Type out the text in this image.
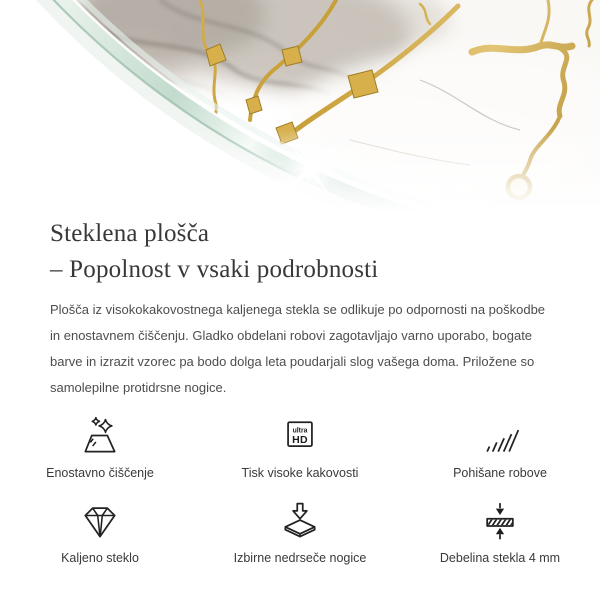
Steklena plošča
– Popolnost v vsaki podrobnosti

Plošča iz visokokakovostnega kaljenega stekla se odlikuje po odpornosti na poškodbe in enostavnem čiščenju. Gladko obdelani robovi zagotavljajo varno uporabo, bogate barve in izrazit vzorec pa bodo dolga leta poudarjali slog vašega doma. Priložene so samolepilne protidrsne nogice.

Enostavno čiščenje
ultra
HD
Tisk visoke kakovosti	Pohišane robove
Kaljeno steklo	Izbirne nedrseče nogice	Debelina stekla 4 mm
